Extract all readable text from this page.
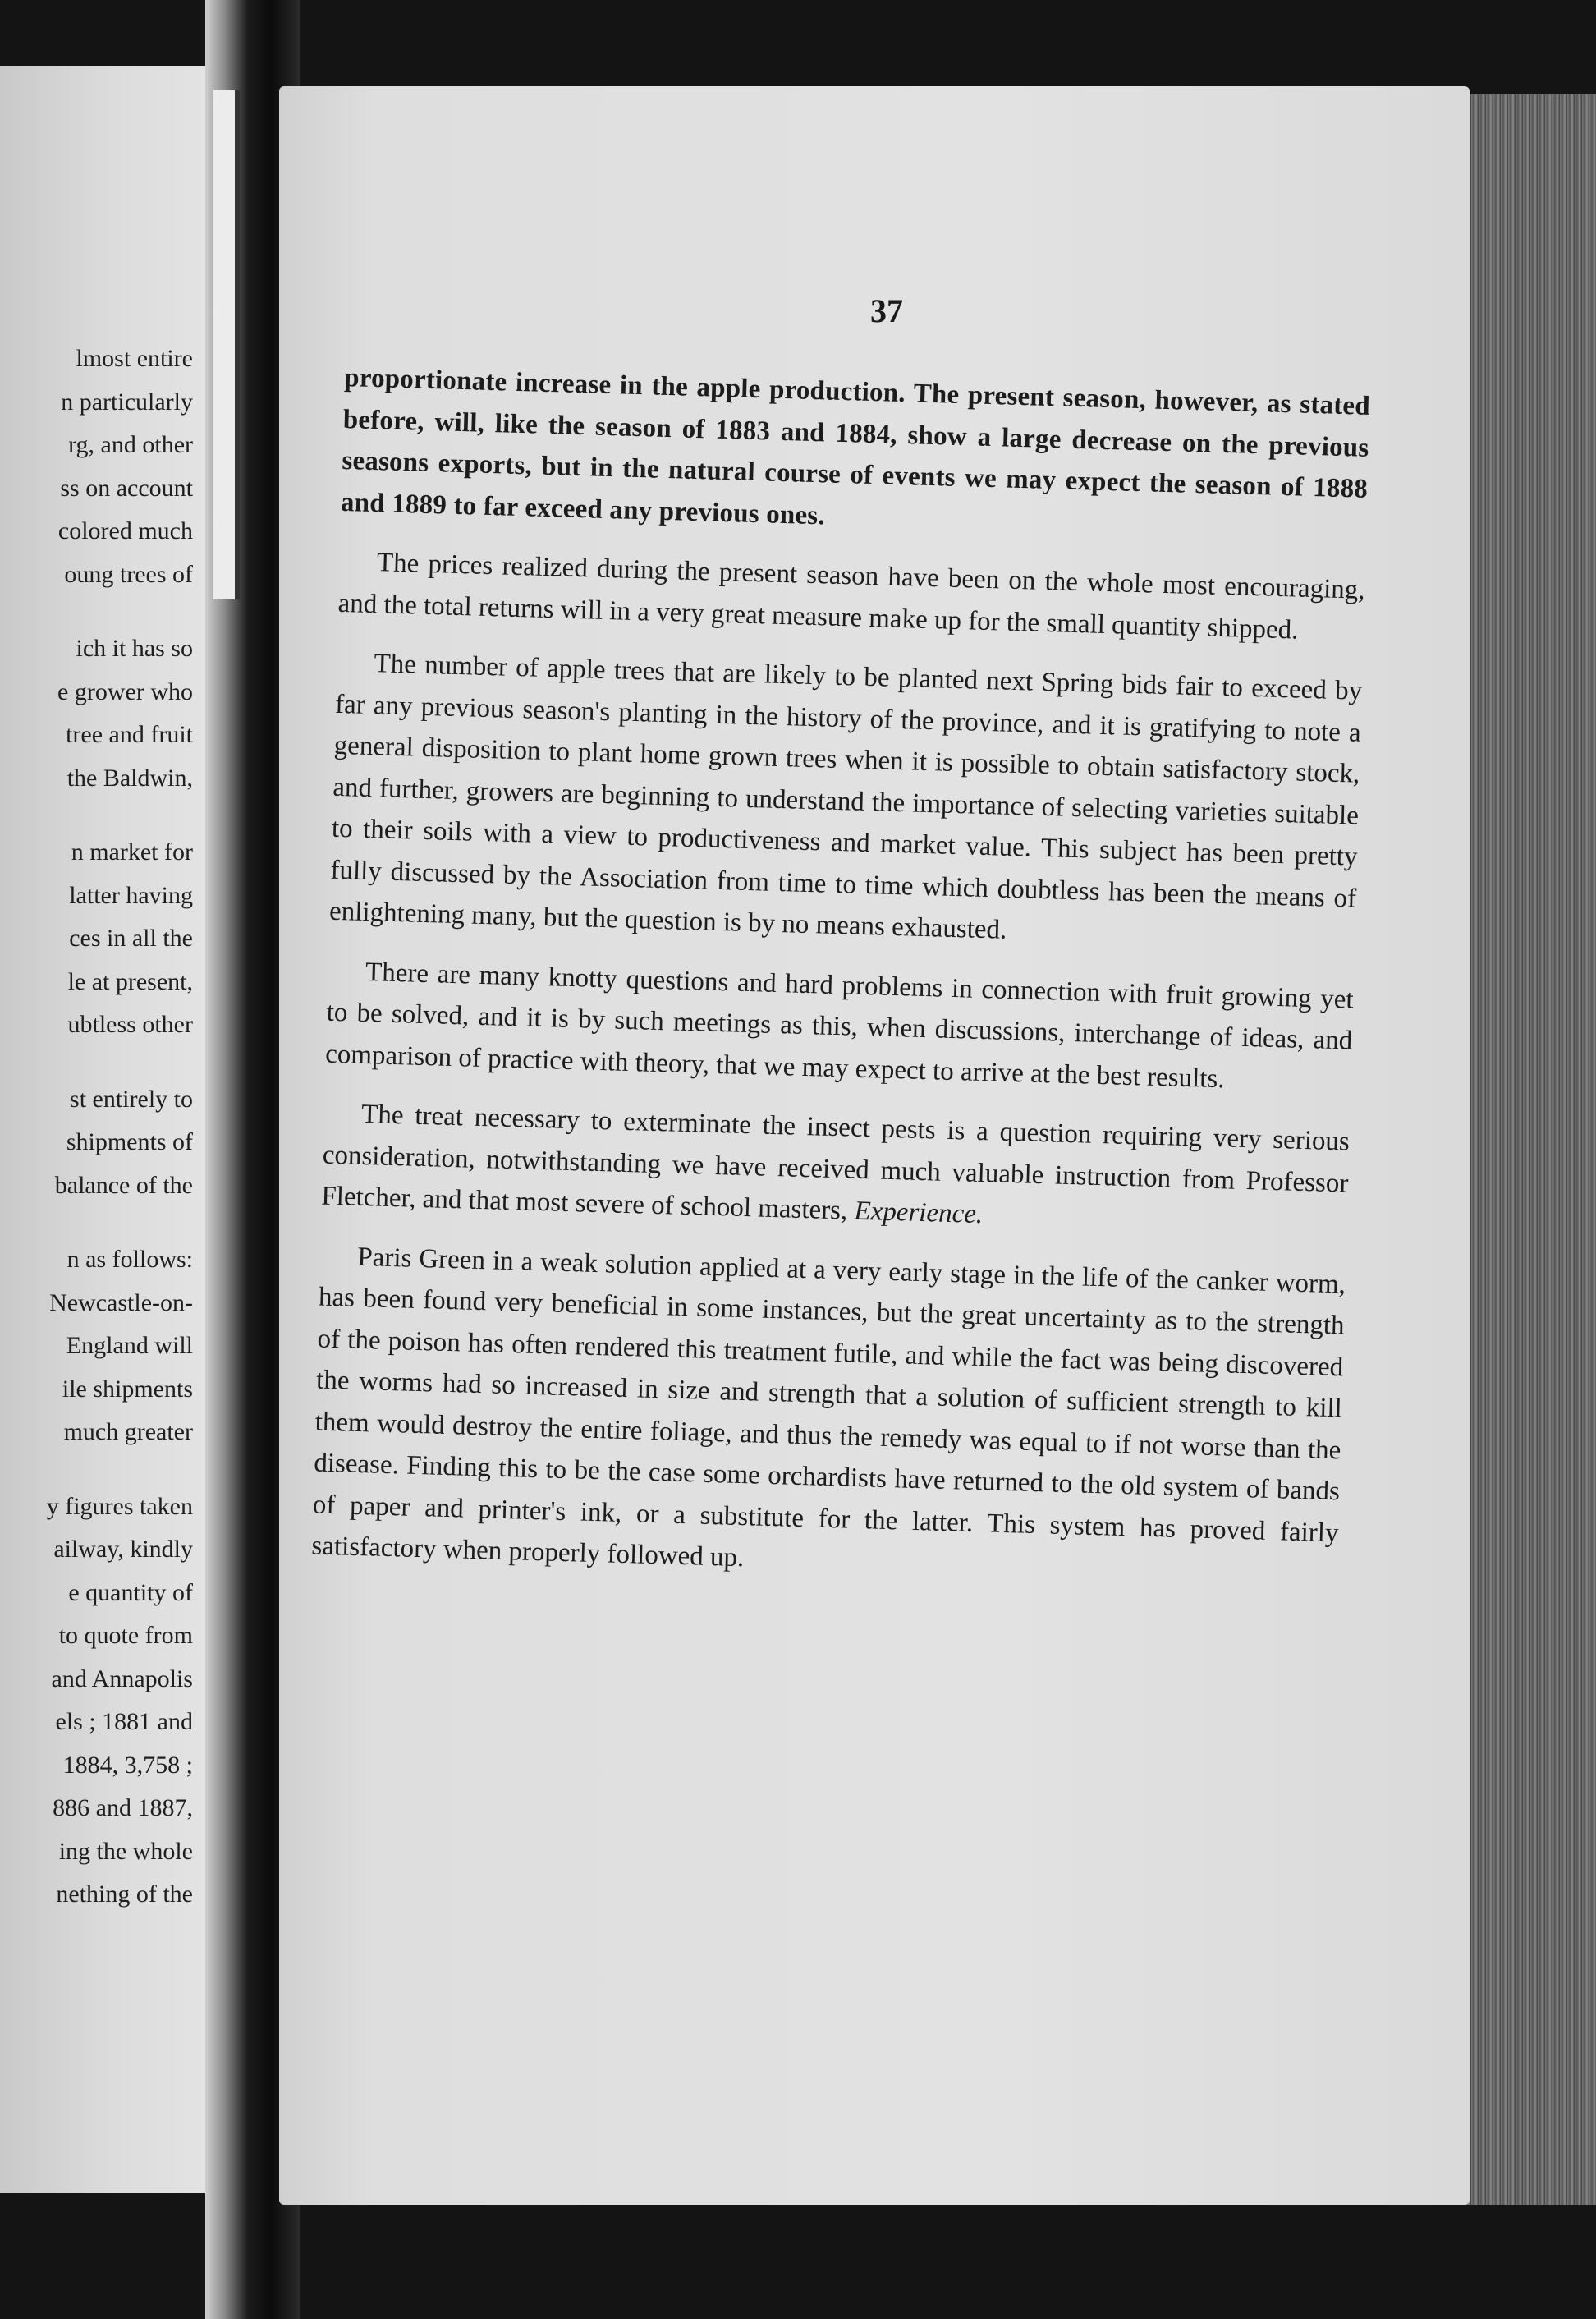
lmost entire
n particularly
rg, and other
ss on account
colored much
oung trees of
ich it has so
e grower who
tree and fruit
the Baldwin,
n market for
latter having
ces in all the
le at present,
ubtless other
st entirely to
shipments of
balance of the
n as follows:
Newcastle-on-
England will
ile shipments
much greater
y figures taken
ailway, kindly
e quantity of
to quote from
and Annapolis
els ; 1881 and
1884, 3,758 ;
886 and 1887,
ing the whole
nething of the
37

proportionate increase in the apple production. The present season, however, as stated before, will, like the season of 1883 and 1884, show a large decrease on the previous seasons exports, but in the natural course of events we may expect the season of 1888 and 1889 to far exceed any previous ones.

The prices realized during the present season have been on the whole most encouraging, and the total returns will in a very great measure make up for the small quantity shipped.

The number of apple trees that are likely to be planted next Spring bids fair to exceed by far any previous season's planting in the history of the province, and it is gratifying to note a general disposition to plant home grown trees when it is possible to obtain satisfactory stock, and further, growers are beginning to understand the importance of selecting varieties suitable to their soils with a view to productiveness and market value. This subject has been pretty fully discussed by the Association from time to time which doubtless has been the means of enlightening many, but the question is by no means exhausted.

There are many knotty questions and hard problems in connection with fruit growing yet to be solved, and it is by such meetings as this, when discussions, interchange of ideas, and comparison of practice with theory, that we may expect to arrive at the best results.

The treat necessary to exterminate the insect pests is a question requiring very serious consideration, notwithstanding we have received much valuable instruction from Professor Fletcher, and that most severe of school masters, Experience.

Paris Green in a weak solution applied at a very early stage in the life of the canker worm, has been found very beneficial in some instances, but the great uncertainty as to the strength of the poison has often rendered this treatment futile, and while the fact was being discovered the worms had so increased in size and strength that a solution of sufficient strength to kill them would destroy the entire foliage, and thus the remedy was equal to if not worse than the disease. Finding this to be the case some orchardists have returned to the old system of bands of paper and printer's ink, or a substitute for the latter. This system has proved fairly satisfactory when properly followed up.
